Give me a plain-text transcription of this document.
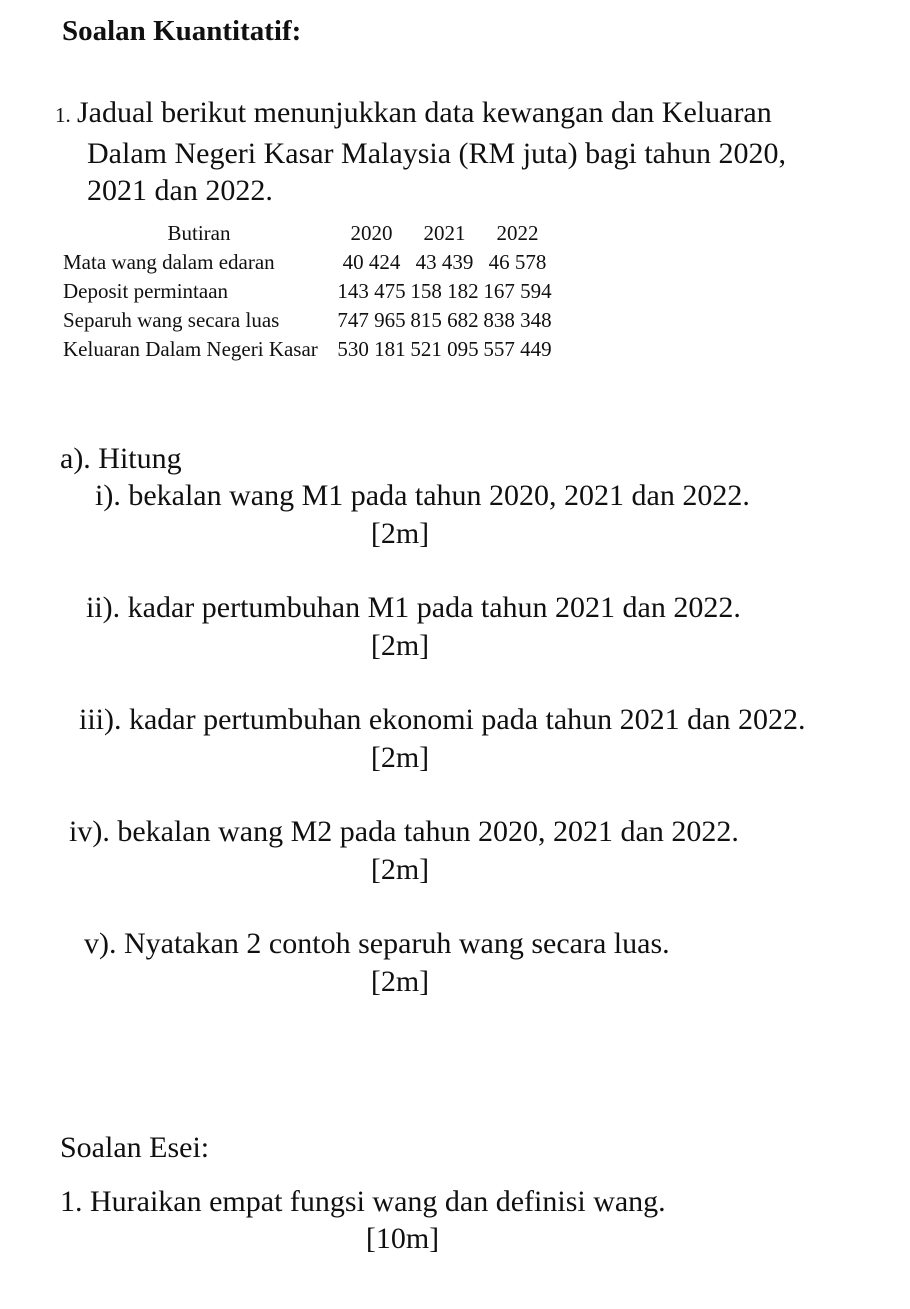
Soalan Kuantitatif:
1. Jadual berikut menunjukkan data kewangan dan Keluaran
Dalam Negeri Kasar Malaysia (RM juta) bagi tahun 2020,
2021 dan 2022.
Butiran	2020	2021	2022
Mata wang dalam edaran	40 424	43 439	46 578
Deposit permintaan	143 475	158 182	167 594
Separuh wang secara luas	747 965	815 682	838 348
Keluaran Dalam Negeri Kasar	530 181	521 095	557 449
a). Hitung
i). bekalan wang M1 pada tahun 2020, 2021 dan 2022.
[2m]
ii). kadar pertumbuhan M1 pada tahun 2021 dan 2022.
[2m]
iii). kadar pertumbuhan ekonomi pada tahun 2021 dan 2022.
[2m]
iv). bekalan wang M2 pada tahun 2020, 2021 dan 2022.
[2m]
v). Nyatakan 2 contoh separuh wang secara luas.
[2m]
Soalan Esei:
1. Huraikan empat fungsi wang dan definisi wang.
[10m]
